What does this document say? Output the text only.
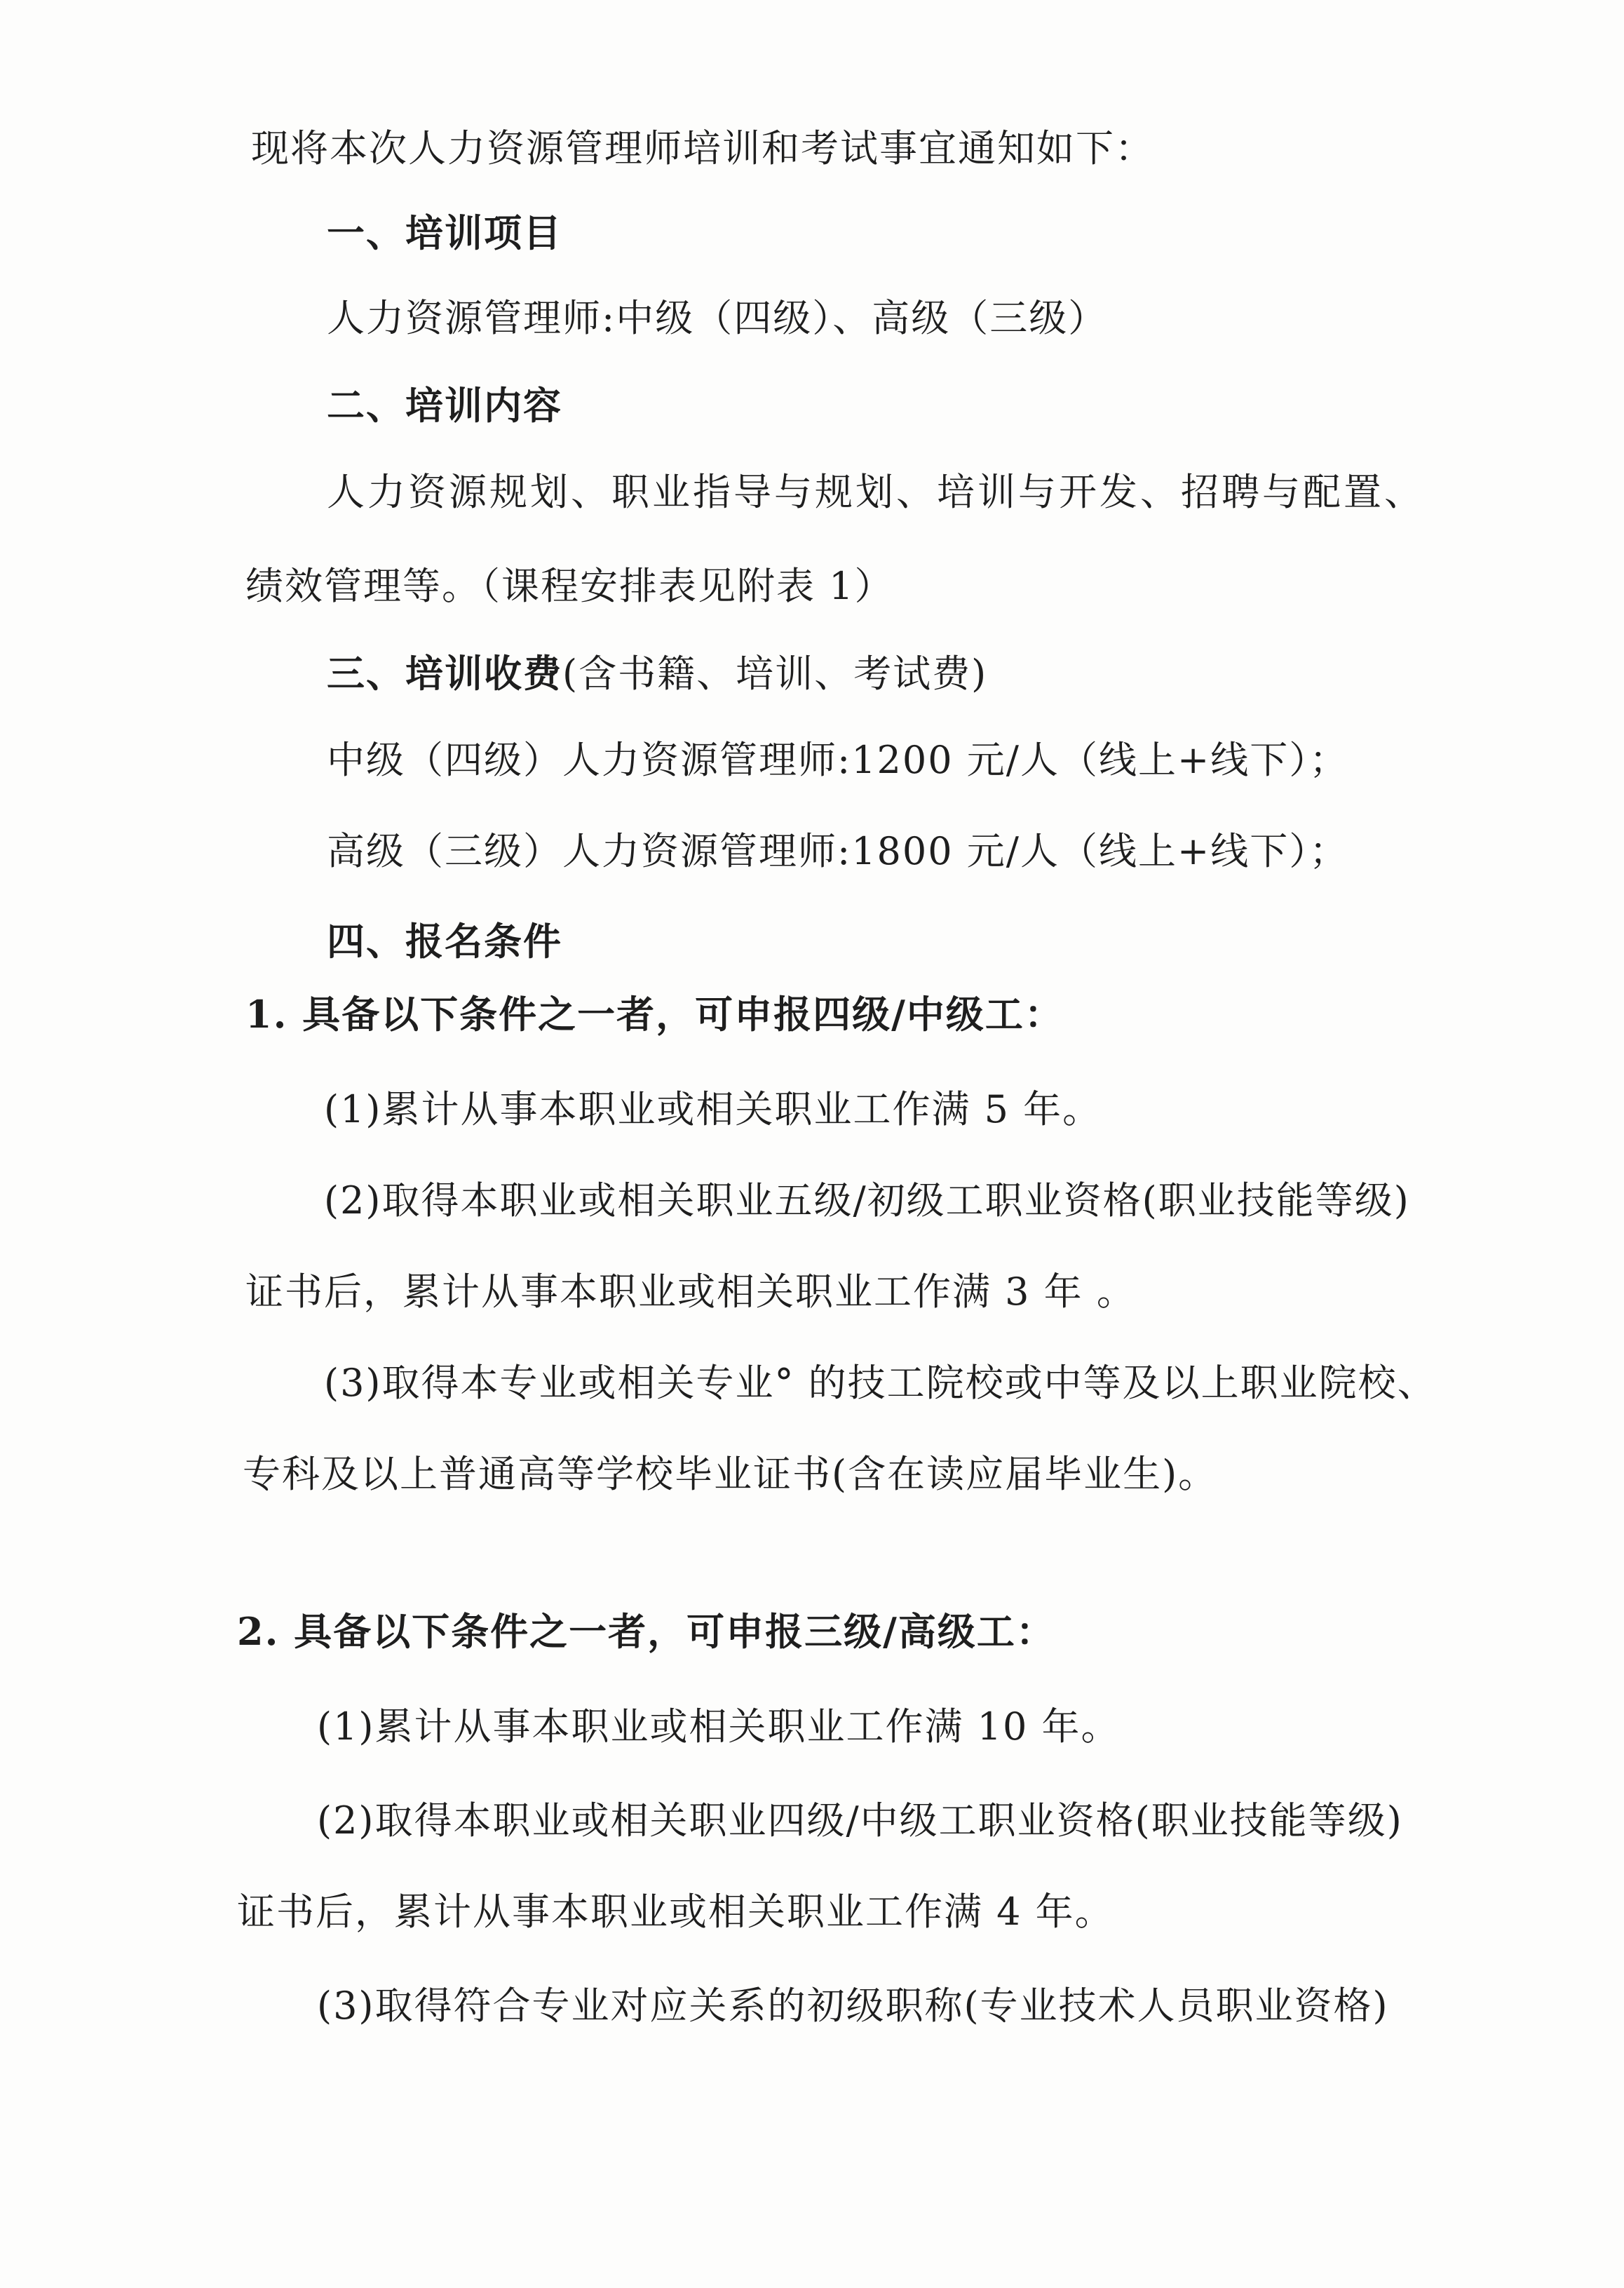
现将本次人力资源管理师培训和考试事宜通知如下：
一、培训项目
人力资源管理师:中级（四级）、高级（三级）
二、培训内容
人力资源规划、职业指导与规划、培训与开发、招聘与配置、
绩效管理等。（课程安排表见附表 1）
三、培训收费(含书籍、培训、考试费)
中级（四级）人力资源管理师:1200 元/人（线上+线下）；
高级（三级）人力资源管理师:1800 元/人（线上+线下）；
四、报名条件
1. 具备以下条件之一者，可申报四级/中级工：
(1)累计从事本职业或相关职业工作满 5 年。
(2)取得本职业或相关职业五级/初级工职业资格(职业技能等级)
证书后，累计从事本职业或相关职业工作满 3 年 。
(3)取得本专业或相关专业° 的技工院校或中等及以上职业院校、
专科及以上普通高等学校毕业证书(含在读应届毕业生)。
2. 具备以下条件之一者，可申报三级/高级工：
(1)累计从事本职业或相关职业工作满 10 年。
(2)取得本职业或相关职业四级/中级工职业资格(职业技能等级)
证书后，累计从事本职业或相关职业工作满 4 年。
(3)取得符合专业对应关系的初级职称(专业技术人员职业资格)
